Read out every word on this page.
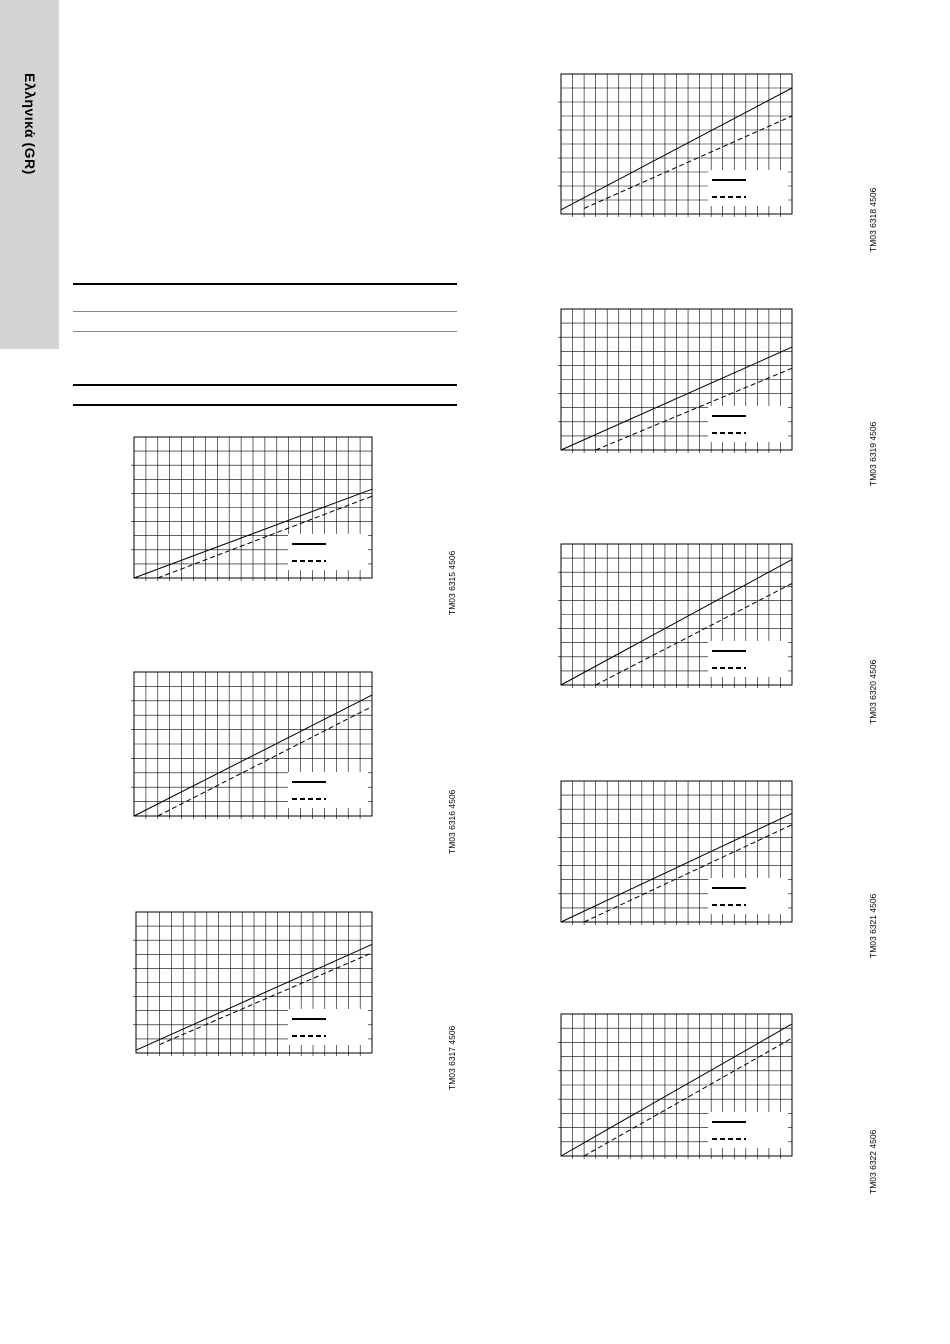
Ελληνικά (GR)
TM03 6315 4506
TM03 6316 4506
TM03 6317 4506
TM03 6318 4506
TM03 6319 4506
TM03 6320 4506
TM03 6321 4506
TM03 6322 4506
